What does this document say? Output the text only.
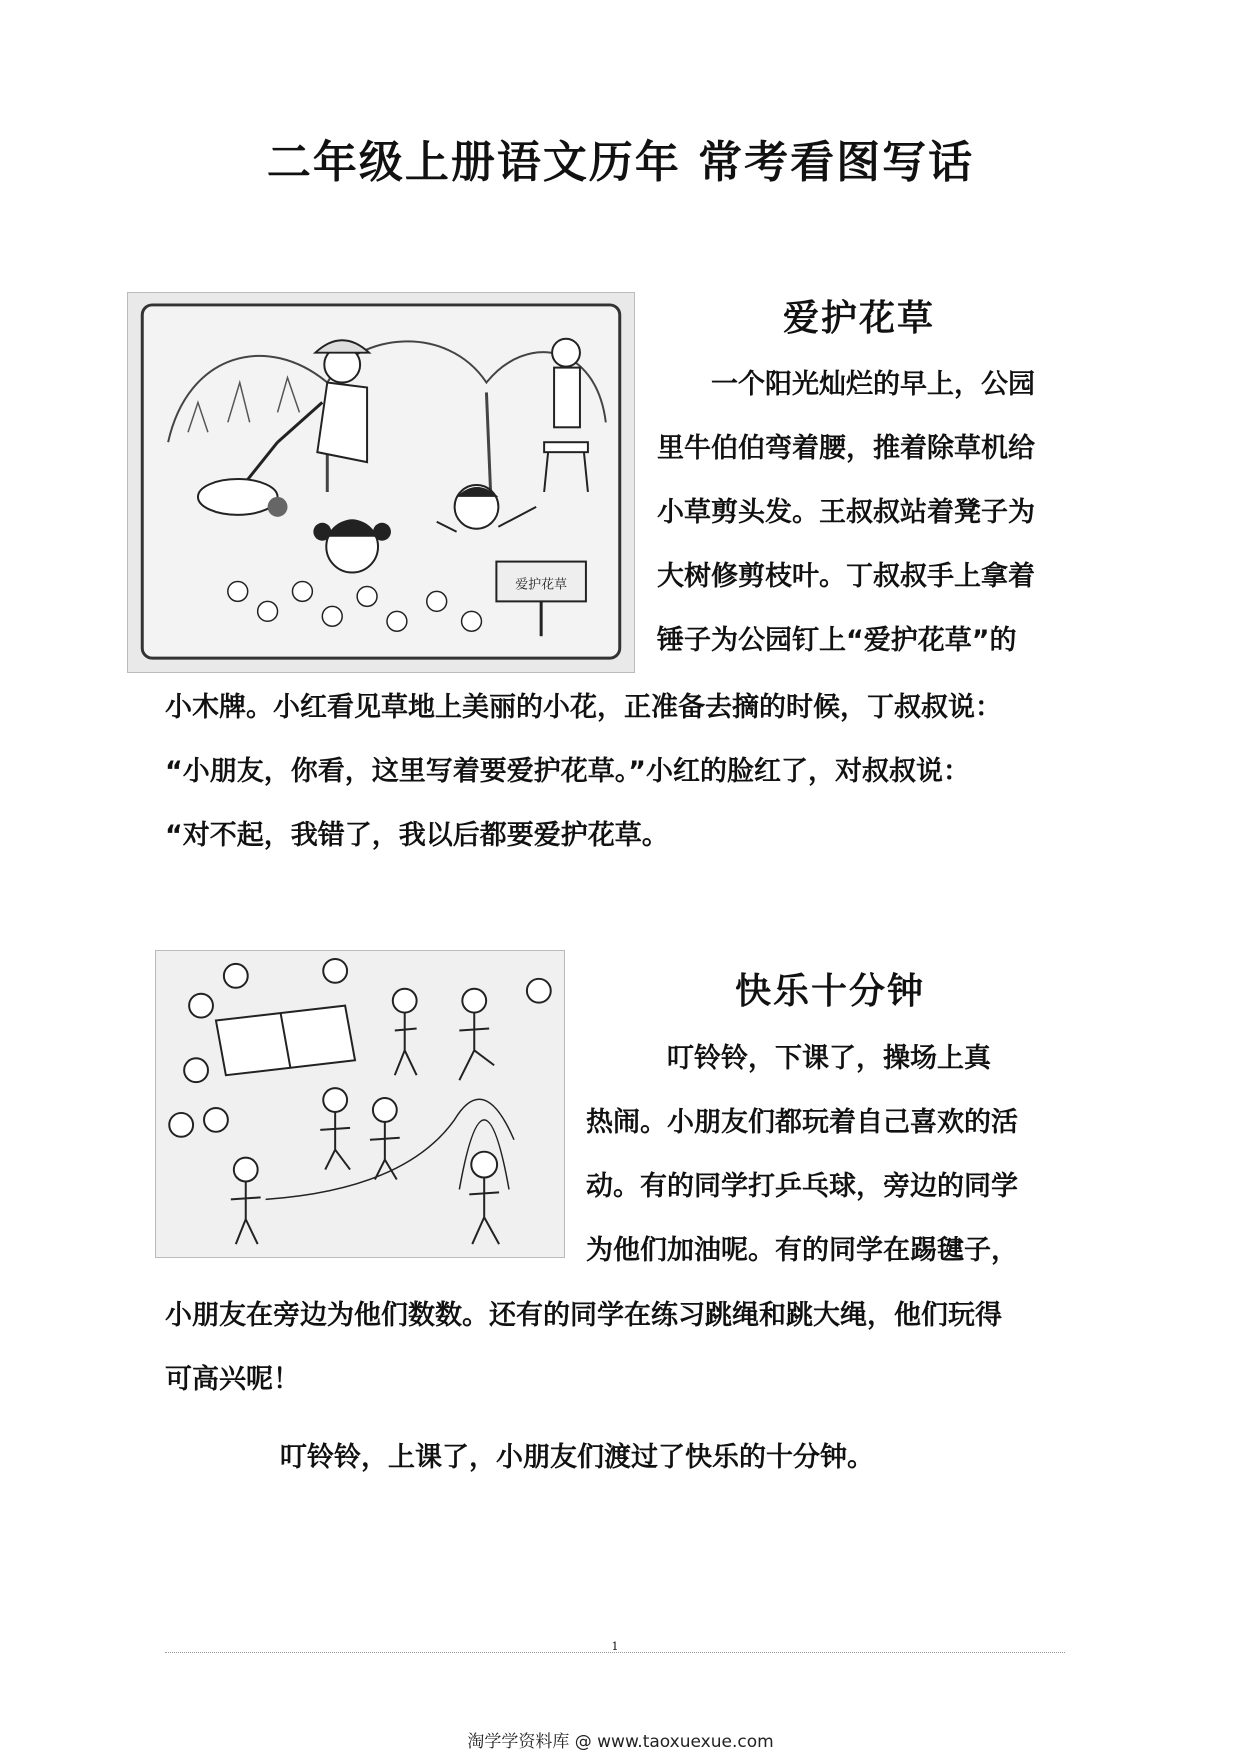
二年级上册语文历年 常考看图写话
爱护花草
爱护花草

　　一个阳光灿烂的早上，公园
里牛伯伯弯着腰，推着除草机给
小草剪头发。王叔叔站着凳子为
大树修剪枝叶。丁叔叔手上拿着
锤子为公园钉上“爱护花草”的

小木牌。小红看见草地上美丽的小花，正准备去摘的时候，丁叔叔说：
“小朋友，你看，这里写着要爱护花草。”小红的脸红了，对叔叔说：
“对不起，我错了，我以后都要爱护花草。

快乐十分钟

　　　叮铃铃，下课了，操场上真
热闹。小朋友们都玩着自己喜欢的活
动。有的同学打乒乓球，旁边的同学
为他们加油呢。有的同学在踢毽子，

小朋友在旁边为他们数数。还有的同学在练习跳绳和跳大绳，他们玩得
可高兴呢！

叮铃铃，上课了，小朋友们渡过了快乐的十分钟。

1
淘学学资料库 @ www.taoxuexue.com
